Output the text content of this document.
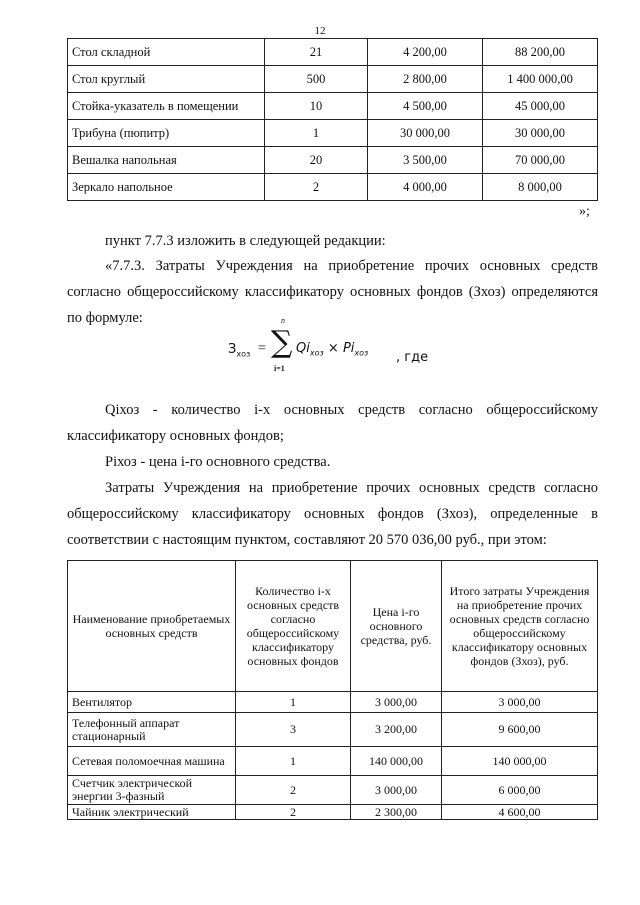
12
Стол складной	21	4 200,00	88 200,00
Стол круглый	500	2 800,00	1 400 000,00
Стойка-указатель в помещении	10	4 500,00	45 000,00
Трибуна (пюпитр)	1	30 000,00	30 000,00
Вешалка напольная	20	3 500,00	70 000,00
Зеркало напольное	2	4 000,00	8 000,00
»;

пункт 7.7.3 изложить в следующей редакции:

«7.7.3. Затраты Учреждения на приобретение прочих основных средств согласно общероссийскому классификатору основных фондов (Зхоз) определяются по формуле:

$З_{хоз}$ =
n
∑
i=1
$Qi_{хоз} \times Pi_{хоз}$ , где

Qiхоз - количество i-х основных средств согласно общероссийскому классификатору основных фондов;

Piхоз - цена i-го основного средства.

Затраты Учреждения на приобретение прочих основных средств согласно общероссийскому классификатору основных фондов (Зхоз), определенные в соответствии с настоящим пунктом, составляют 20 570 036,00 руб., при этом:

Наименование приобретаемых основных средств	Количество i-х основных средств согласно общероссийскому классификатору основных фондов	Цена i-го основного средства, руб.	Итого затраты Учреждения на приобретение прочих основных средств согласно общероссийскому классификатору основных фондов (Зхоз), руб.
Вентилятор	1	3 000,00	3 000,00
Телефонный аппарат стационарный	3	3 200,00	9 600,00
Сетевая поломоечная машина	1	140 000,00	140 000,00
Счетчик электрической энергии 3-фазный	2	3 000,00	6 000,00
Чайник электрический	2	2 300,00	4 600,00
